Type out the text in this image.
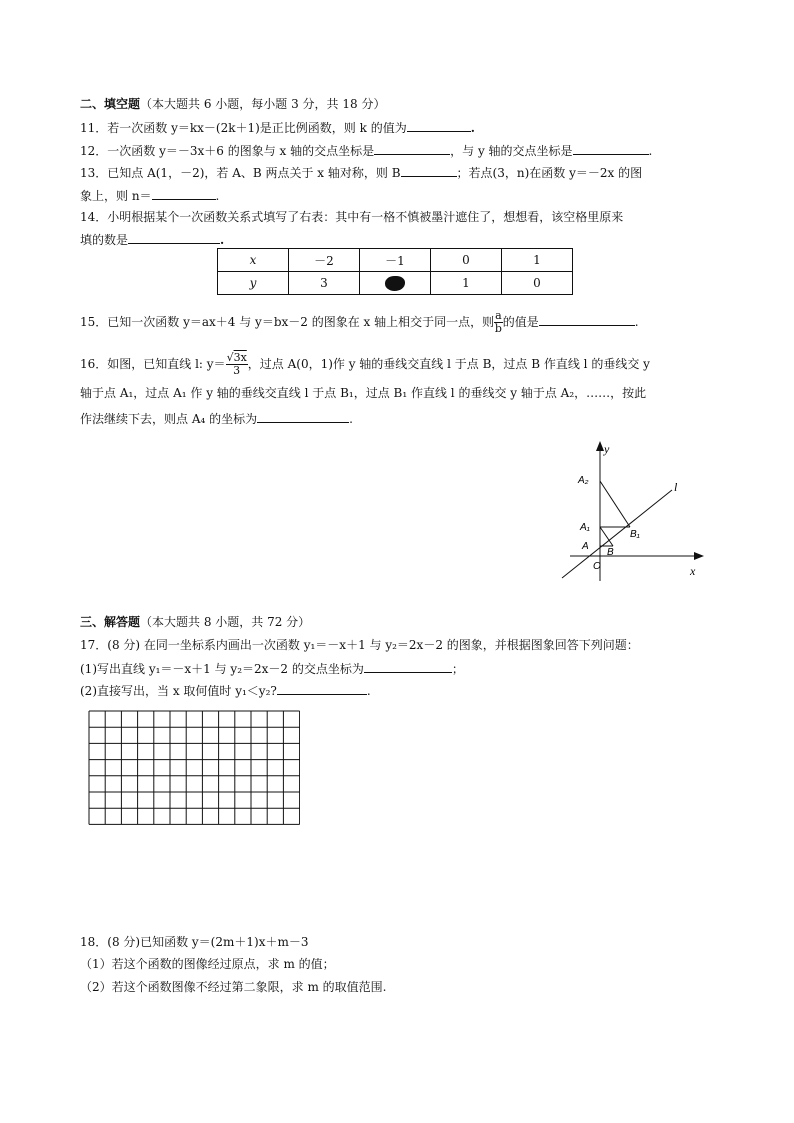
二、填空题（本大题共 6 小题，每小题 3 分，共 18 分）
11．若一次函数 y＝kx－(2k＋1)是正比例函数，则 k 的值为	.
12．一次函数 y＝－3x＋6 的图象与 x 轴的交点坐标是	，与 y 轴的交点坐标是	.
13．已知点 A(1，－2)，若 A、B 两点关于 x 轴对称，则 B	；若点(3，n)在函数 y＝－2x 的图
象上，则 n＝	.
14．小明根据某个一次函数关系式填写了右表：其中有一格不慎被墨汁遮住了，想想看，该空格里原来
填的数是	.
x	－2	－1	0	1
y	3		1	0
15．已知一次函数 y＝ax＋4 与 y＝bx－2 的图象在 x 轴上相交于同一点，则 $\frac{a}{b}$ 的值是	.
16．如图，已知直线 l: $y= \frac{√3x}{3}$ ，过点 A(0，1)作 y 轴的垂线交直线 l 于点 B，过点 B 作直线 l 的垂线交 y
轴于点 A₁，过点 A₁ 作 y 轴的垂线交直线 l 于点 B₁，过点 B₁ 作直线 l 的垂线交 y 轴于点 A₂，……，按此
作法继续下去，则点 A₄ 的坐标为	.
y
x
l
O
A
B
A₁
B₁
A₂
三、解答题（本大题共 8 小题，共 72 分）
17．(8 分) 在同一坐标系内画出一次函数 y₁＝－x＋1 与 y₂＝2x－2 的图象，并根据图象回答下列问题：
(1)写出直线 y₁＝－x＋1 与 y₂＝2x－2 的交点坐标为	；
(2)直接写出，当 x 取何值时 y₁＜y₂?	.
18．(8 分)已知函数 y＝(2m＋1)x＋m－3
（1）若这个函数的图像经过原点，求 m 的值；
（2）若这个函数图像不经过第二象限，求 m 的取值范围.
